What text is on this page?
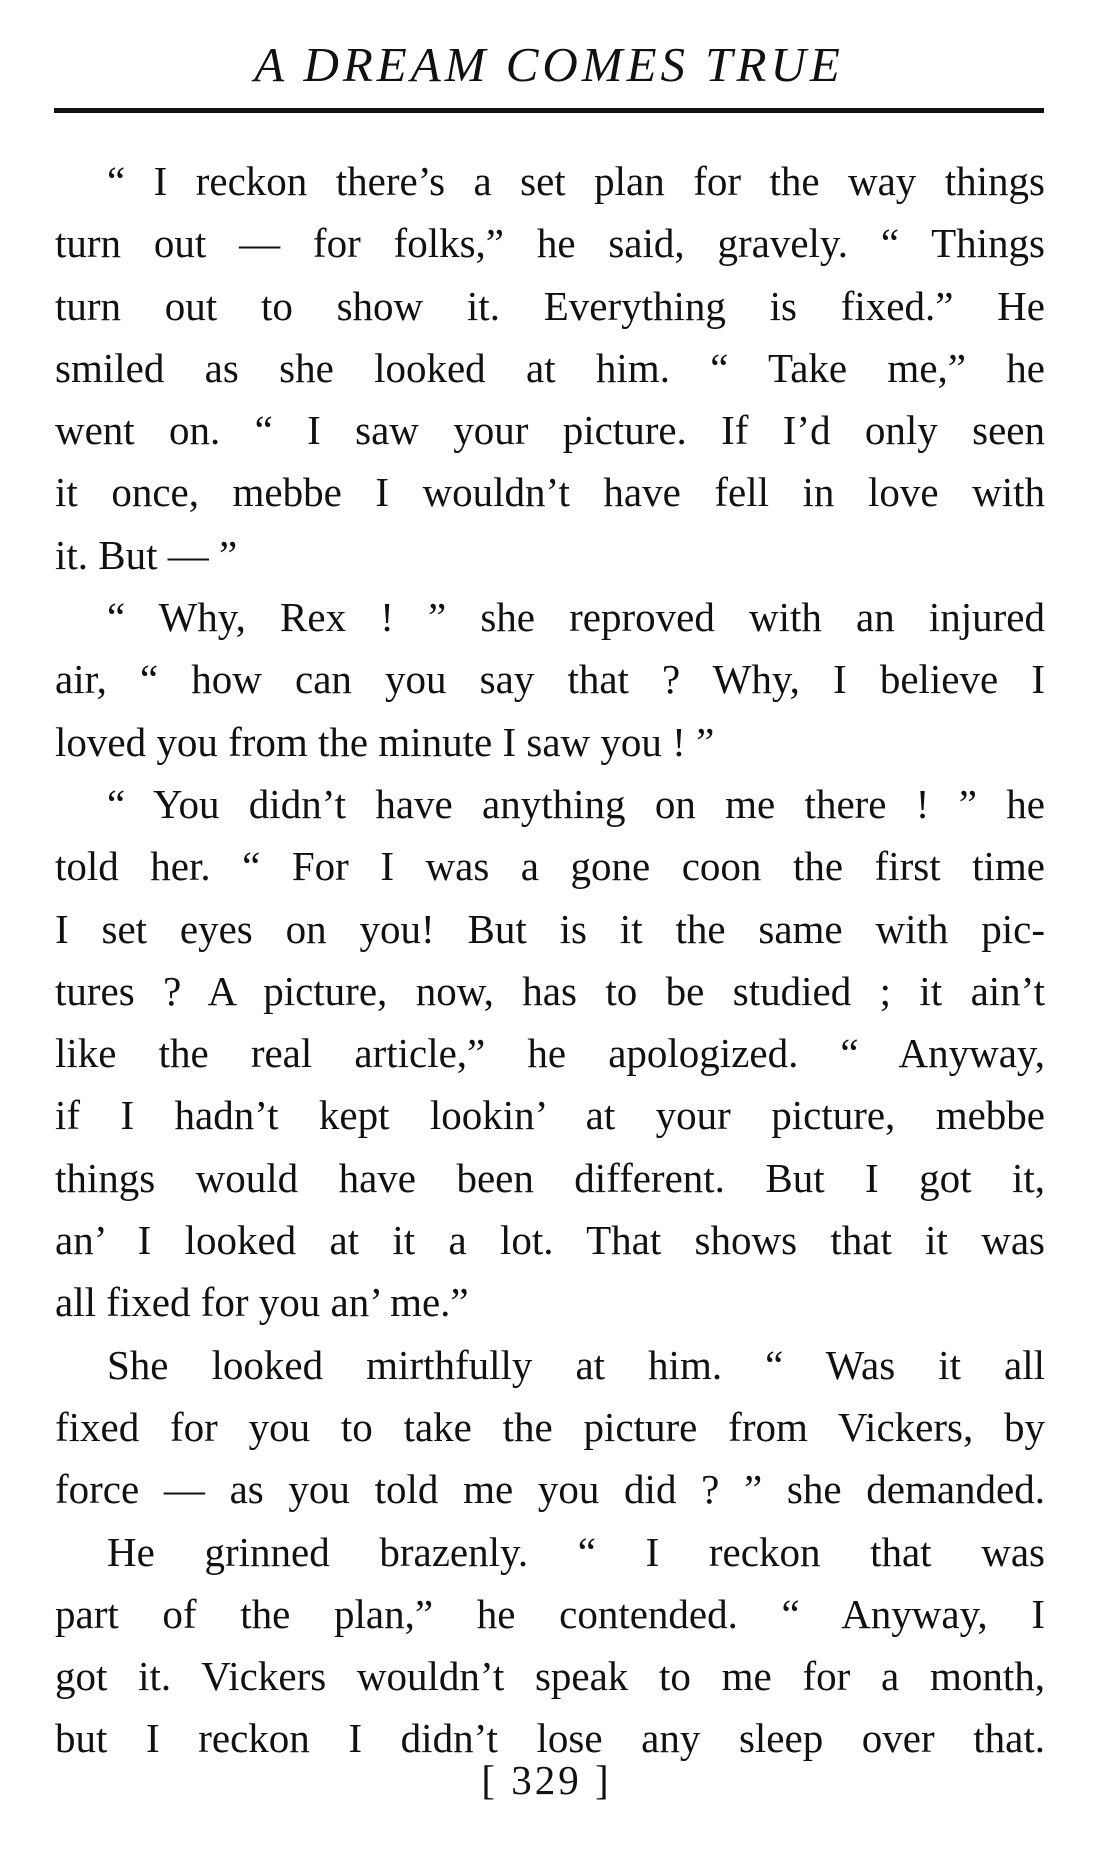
A DREAM COMES TRUE
“ I reckon there’s a set plan for the way things
turn out — for folks,” he said, gravely. “ Things
turn out to show it. Everything is fixed.” He
smiled as she looked at him. “ Take me,” he
went on. “ I saw your picture. If I’d only seen
it once, mebbe I wouldn’t have fell in love with
it. But — ”
“ Why, Rex ! ” she reproved with an injured
air, “ how can you say that ? Why, I believe I
loved you from the minute I saw you ! ”
“ You didn’t have anything on me there ! ” he
told her. “ For I was a gone coon the first time
I set eyes on you! But is it the same with pic-
tures ? A picture, now, has to be studied ; it ain’t
like the real article,” he apologized. “ Anyway,
if I hadn’t kept lookin’ at your picture, mebbe
things would have been different. But I got it,
an’ I looked at it a lot. That shows that it was
all fixed for you an’ me.”
She looked mirthfully at him. “ Was it all
fixed for you to take the picture from Vickers, by
force — as you told me you did ? ” she demanded.
He grinned brazenly. “ I reckon that was
part of the plan,” he contended. “ Anyway, I
got it. Vickers wouldn’t speak to me for a month,
but I reckon I didn’t lose any sleep over that.
[ 329 ]
